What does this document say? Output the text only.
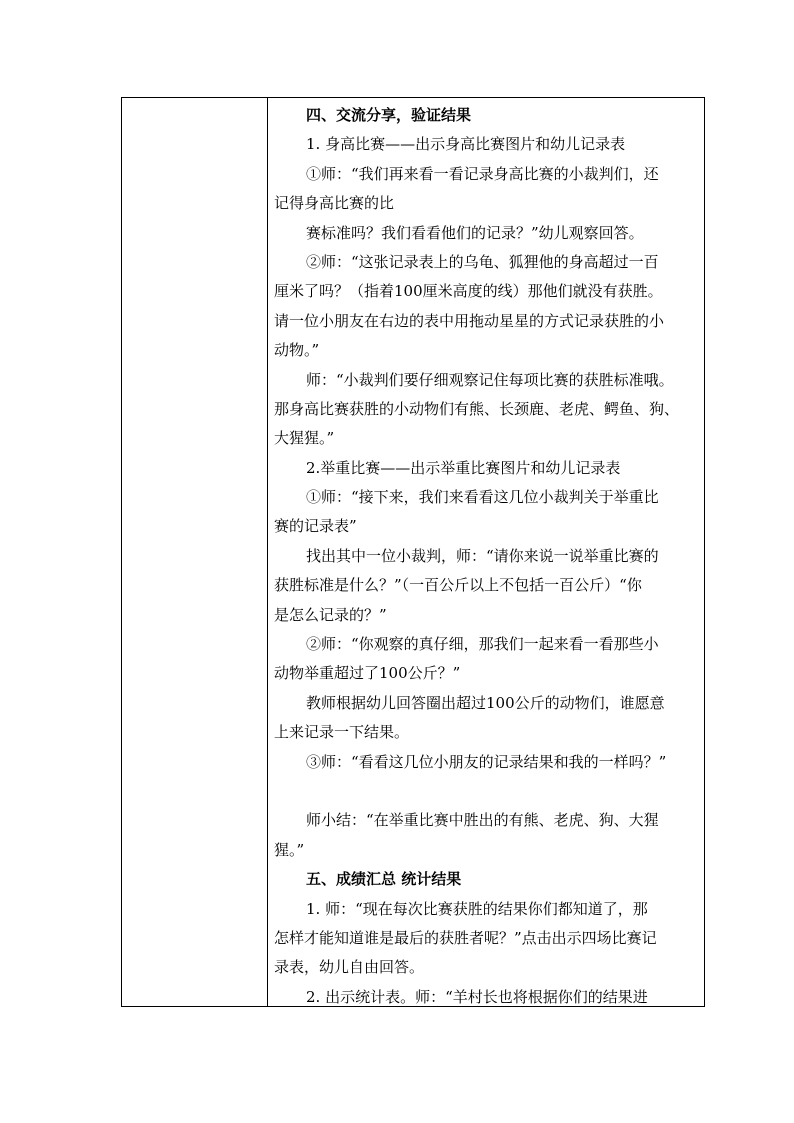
四、交流分享，验证结果
1. 身高比赛——出示身高比赛图片和幼儿记录表
①师：“我们再来看一看记录身高比赛的小裁判们，还
记得身高比赛的比
赛标准吗？我们看看他们的记录？”幼儿观察回答。
②师：“这张记录表上的乌龟、狐狸他的身高超过一百
厘米了吗？（指着100厘米高度的线）那他们就没有获胜。
请一位小朋友在右边的表中用拖动星星的方式记录获胜的小
动物。”
师：“小裁判们要仔细观察记住每项比赛的获胜标准哦。
那身高比赛获胜的小动物们有熊、长颈鹿、老虎、鳄鱼、狗、
大猩猩。”
2.举重比赛——出示举重比赛图片和幼儿记录表
①师：“接下来，我们来看看这几位小裁判关于举重比
赛的记录表”
找出其中一位小裁判，师：“请你来说一说举重比赛的
获胜标准是什么？”（一百公斤以上不包括一百公斤）“你
是怎么记录的？”
②师：“你观察的真仔细，那我们一起来看一看那些小
动物举重超过了100公斤？”
教师根据幼儿回答圈出超过100公斤的动物们，谁愿意
上来记录一下结果。
③师：“看看这几位小朋友的记录结果和我的一样吗？”
师小结：“在举重比赛中胜出的有熊、老虎、狗、大猩
猩。”
五、成绩汇总 统计结果
1. 师：“现在每次比赛获胜的结果你们都知道了，那
怎样才能知道谁是最后的获胜者呢？”点击出示四场比赛记
录表，幼儿自由回答。
2. 出示统计表。师：“羊村长也将根据你们的结果进
